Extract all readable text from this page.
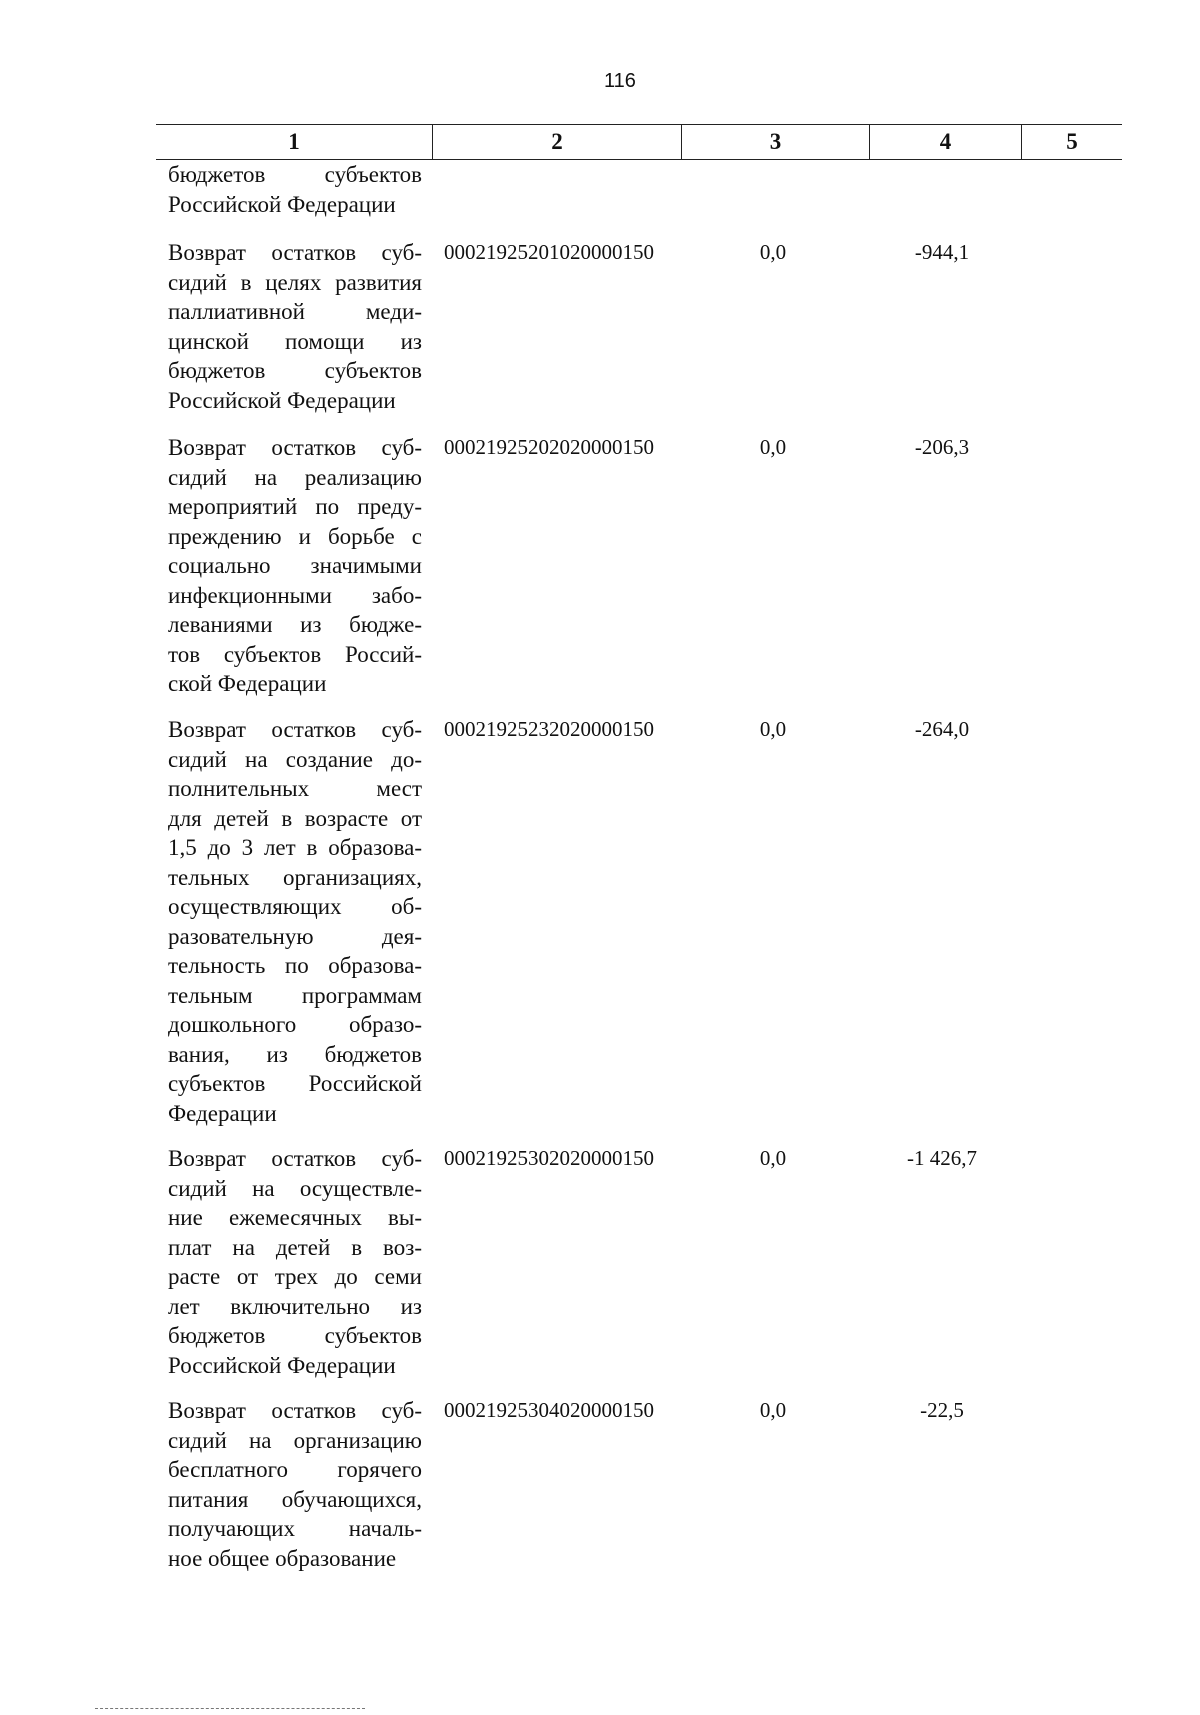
116
1	2	3	4	5
бюджетов субъектов
Российской Федерации
Возврат остатков суб-
сидий в целях развития
паллиативной меди-
цинской помощи из
бюджетов субъектов
Российской Федерации
00021925201020000150	0,0	-944,1
Возврат остатков суб-
сидий на реализацию
мероприятий по преду-
преждению и борьбе с
социально значимыми
инфекционными забо-
леваниями из бюдже-
тов субъектов Россий-
ской Федерации
00021925202020000150	0,0	-206,3
Возврат остатков суб-
сидий на создание до-
полнительных мест
для детей в возрасте от
1,5 до 3 лет в образова-
тельных организациях,
осуществляющих об-
разовательную дея-
тельность по образова-
тельным программам
дошкольного образо-
вания, из бюджетов
субъектов Российской
Федерации
00021925232020000150	0,0	-264,0
Возврат остатков суб-
сидий на осуществле-
ние ежемесячных вы-
плат на детей в воз-
расте от трех до семи
лет включительно из
бюджетов субъектов
Российской Федерации
00021925302020000150	0,0	-1 426,7
Возврат остатков суб-
сидий на организацию
бесплатного горячего
питания обучающихся,
получающих началь-
ное общее образование
00021925304020000150	0,0	-22,5
